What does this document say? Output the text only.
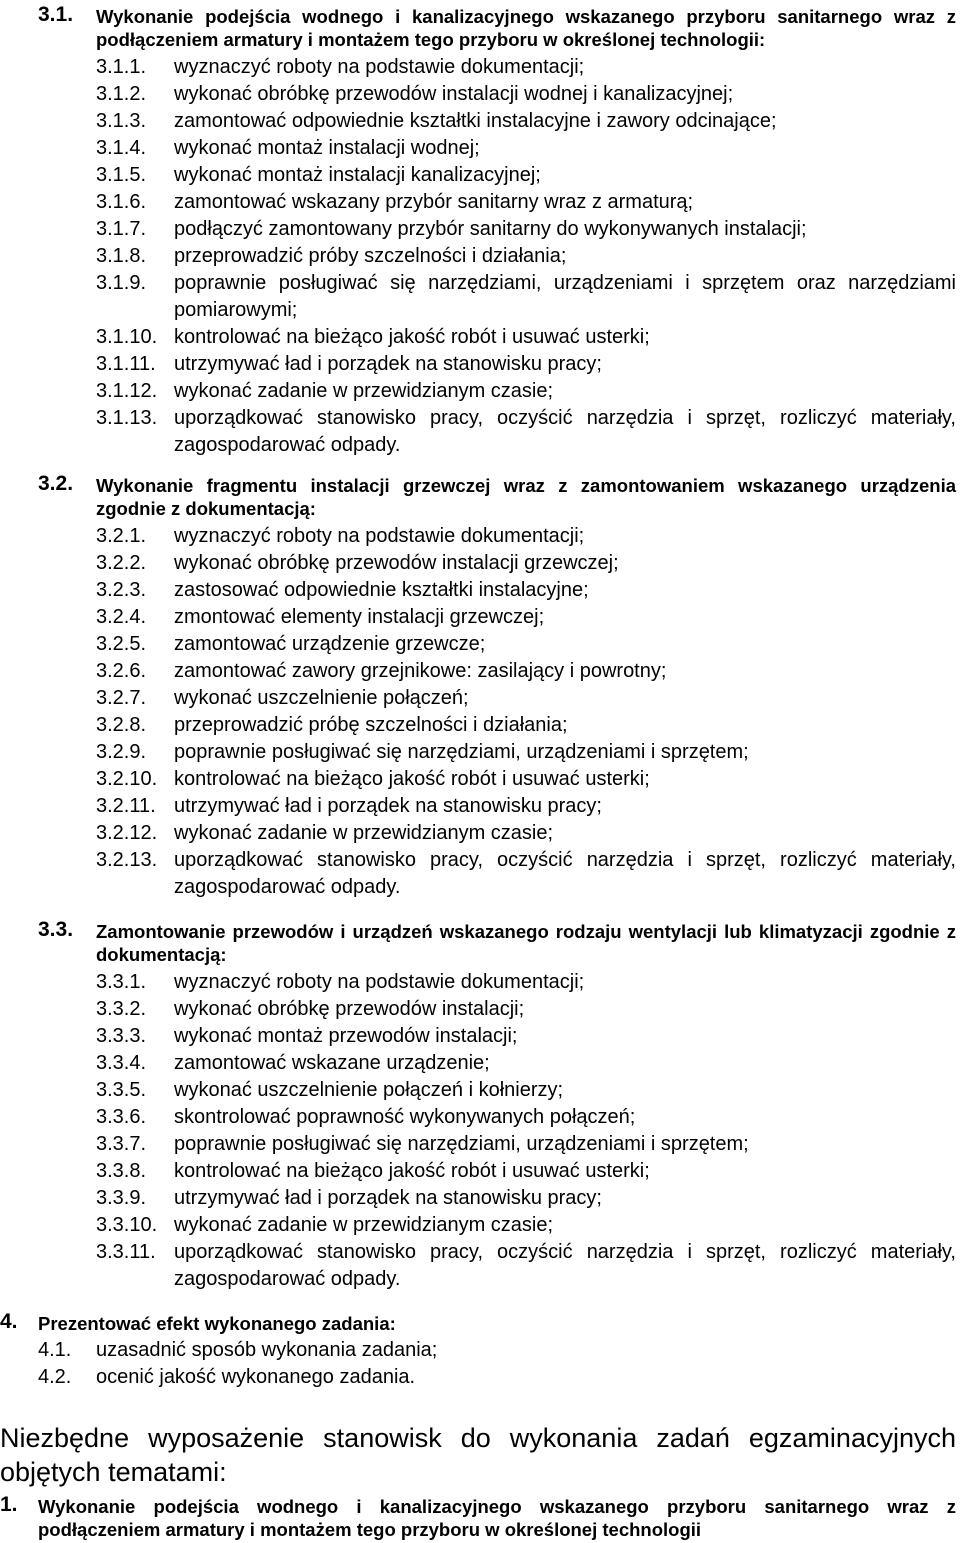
3.1. Wykonanie podejścia wodnego i kanalizacyjnego wskazanego przyboru sanitarnego wraz z podłączeniem armatury i montażem tego przyboru w określonej technologii:
3.1.1. wyznaczyć roboty na podstawie dokumentacji;
3.1.2. wykonać obróbkę przewodów instalacji wodnej i kanalizacyjnej;
3.1.3. zamontować odpowiednie kształtki instalacyjne i zawory odcinające;
3.1.4. wykonać montaż instalacji wodnej;
3.1.5. wykonać montaż instalacji kanalizacyjnej;
3.1.6. zamontować wskazany przybór sanitarny wraz z armaturą;
3.1.7. podłączyć zamontowany przybór sanitarny do wykonywanych instalacji;
3.1.8. przeprowadzić próby szczelności i działania;
3.1.9. poprawnie posługiwać się narzędziami, urządzeniami i sprzętem oraz narzędziami pomiarowymi;
3.1.10. kontrolować na bieżąco jakość robót i usuwać usterki;
3.1.11. utrzymywać ład i porządek na stanowisku pracy;
3.1.12. wykonać zadanie w przewidzianym czasie;
3.1.13. uporządkować stanowisko pracy, oczyścić narzędzia i sprzęt, rozliczyć materiały, zagospodarować odpady.
3.2. Wykonanie fragmentu instalacji grzewczej wraz z zamontowaniem wskazanego urządzenia zgodnie z dokumentacją:
3.2.1. wyznaczyć roboty na podstawie dokumentacji;
3.2.2. wykonać obróbkę przewodów instalacji grzewczej;
3.2.3. zastosować odpowiednie kształtki instalacyjne;
3.2.4. zmontować elementy instalacji grzewczej;
3.2.5. zamontować urządzenie grzewcze;
3.2.6. zamontować zawory grzejnikowe: zasilający i powrotny;
3.2.7. wykonać uszczelnienie połączeń;
3.2.8. przeprowadzić próbę szczelności i działania;
3.2.9. poprawnie posługiwać się narzędziami, urządzeniami i sprzętem;
3.2.10. kontrolować na bieżąco jakość robót i usuwać usterki;
3.2.11. utrzymywać ład i porządek na stanowisku pracy;
3.2.12. wykonać zadanie w przewidzianym czasie;
3.2.13. uporządkować stanowisko pracy, oczyścić narzędzia i sprzęt, rozliczyć materiały, zagospodarować odpady.
3.3. Zamontowanie przewodów i urządzeń wskazanego rodzaju wentylacji lub klimatyzacji zgodnie z dokumentacją:
3.3.1. wyznaczyć roboty na podstawie dokumentacji;
3.3.2. wykonać obróbkę przewodów instalacji;
3.3.3. wykonać montaż przewodów instalacji;
3.3.4. zamontować wskazane urządzenie;
3.3.5. wykonać uszczelnienie połączeń i kołnierzy;
3.3.6. skontrolować poprawność wykonywanych połączeń;
3.3.7. poprawnie posługiwać się narzędziami, urządzeniami i sprzętem;
3.3.8. kontrolować na bieżąco jakość robót i usuwać usterki;
3.3.9. utrzymywać ład i porządek na stanowisku pracy;
3.3.10. wykonać zadanie w przewidzianym czasie;
3.3.11. uporządkować stanowisko pracy, oczyścić narzędzia i sprzęt, rozliczyć materiały, zagospodarować odpady.
4. Prezentować efekt wykonanego zadania:
4.1. uzasadnić sposób wykonania zadania;
4.2. ocenić jakość wykonanego zadania.
Niezbędne wyposażenie stanowisk do wykonania zadań egzaminacyjnych objętych tematami:
1. Wykonanie podejścia wodnego i kanalizacyjnego wskazanego przyboru sanitarnego wraz z podłączeniem armatury i montażem tego przyboru w określonej technologii
